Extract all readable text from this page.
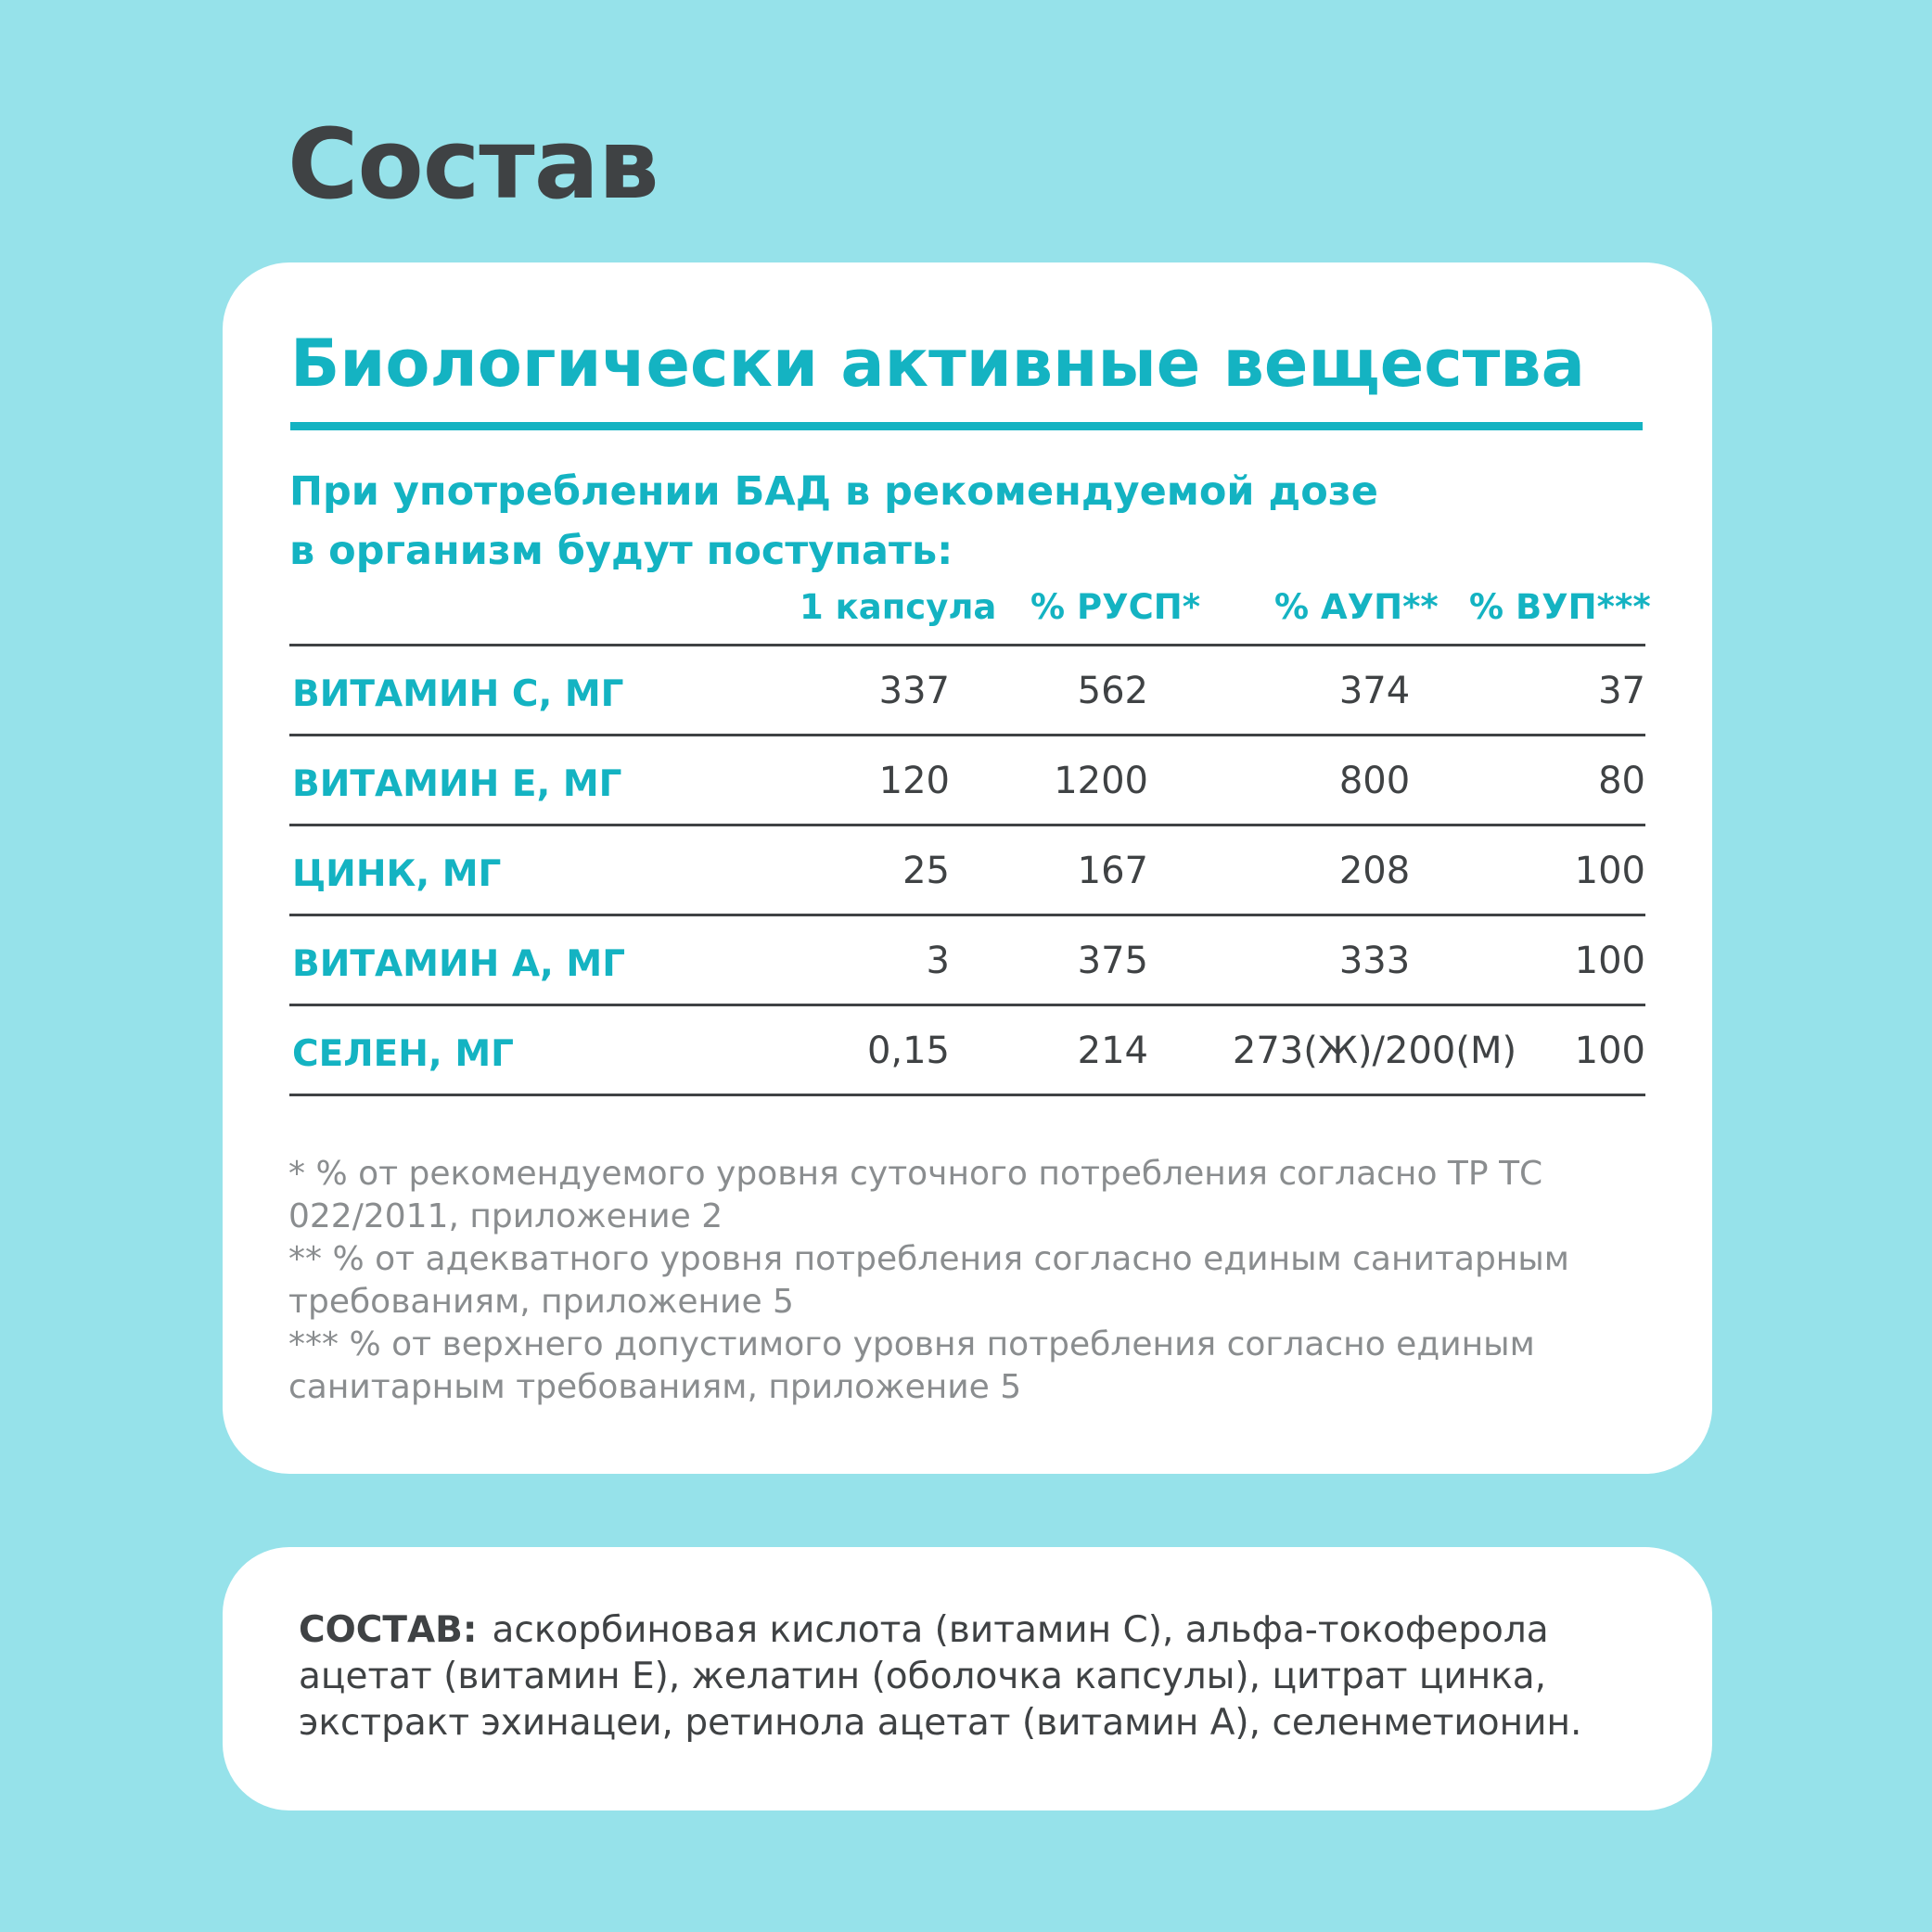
Состав
Биологически активные вещества
При употреблении БАД в рекомендуемой дозе
в организм будут поступать:
1 капсула % РУСП* % АУП** % ВУП***
ВИТАМИН С, МГ	337	562	374	37
ВИТАМИН Е, МГ	120	1200	800	80
ЦИНК, МГ	25	167	208	100
ВИТАМИН А, МГ	3	375	333	100
СЕЛЕН, МГ	0,15	214	273(Ж)/200(М)	100
* % от рекомендуемого уровня суточного потребления согласно ТР ТС 022/2011, приложение 2
** % от адекватного уровня потребления согласно единым санитарным требованиям, приложение 5
*** % от верхнего допустимого уровня потребления согласно единым санитарным требованиям, приложение 5
СОСТАВ: аскорбиновая кислота (витамин С), альфа-токоферола ацетат (витамин Е), желатин (оболочка капсулы), цитрат цинка, экстракт эхинацеи, ретинола ацетат (витамин А), селенметионин.
